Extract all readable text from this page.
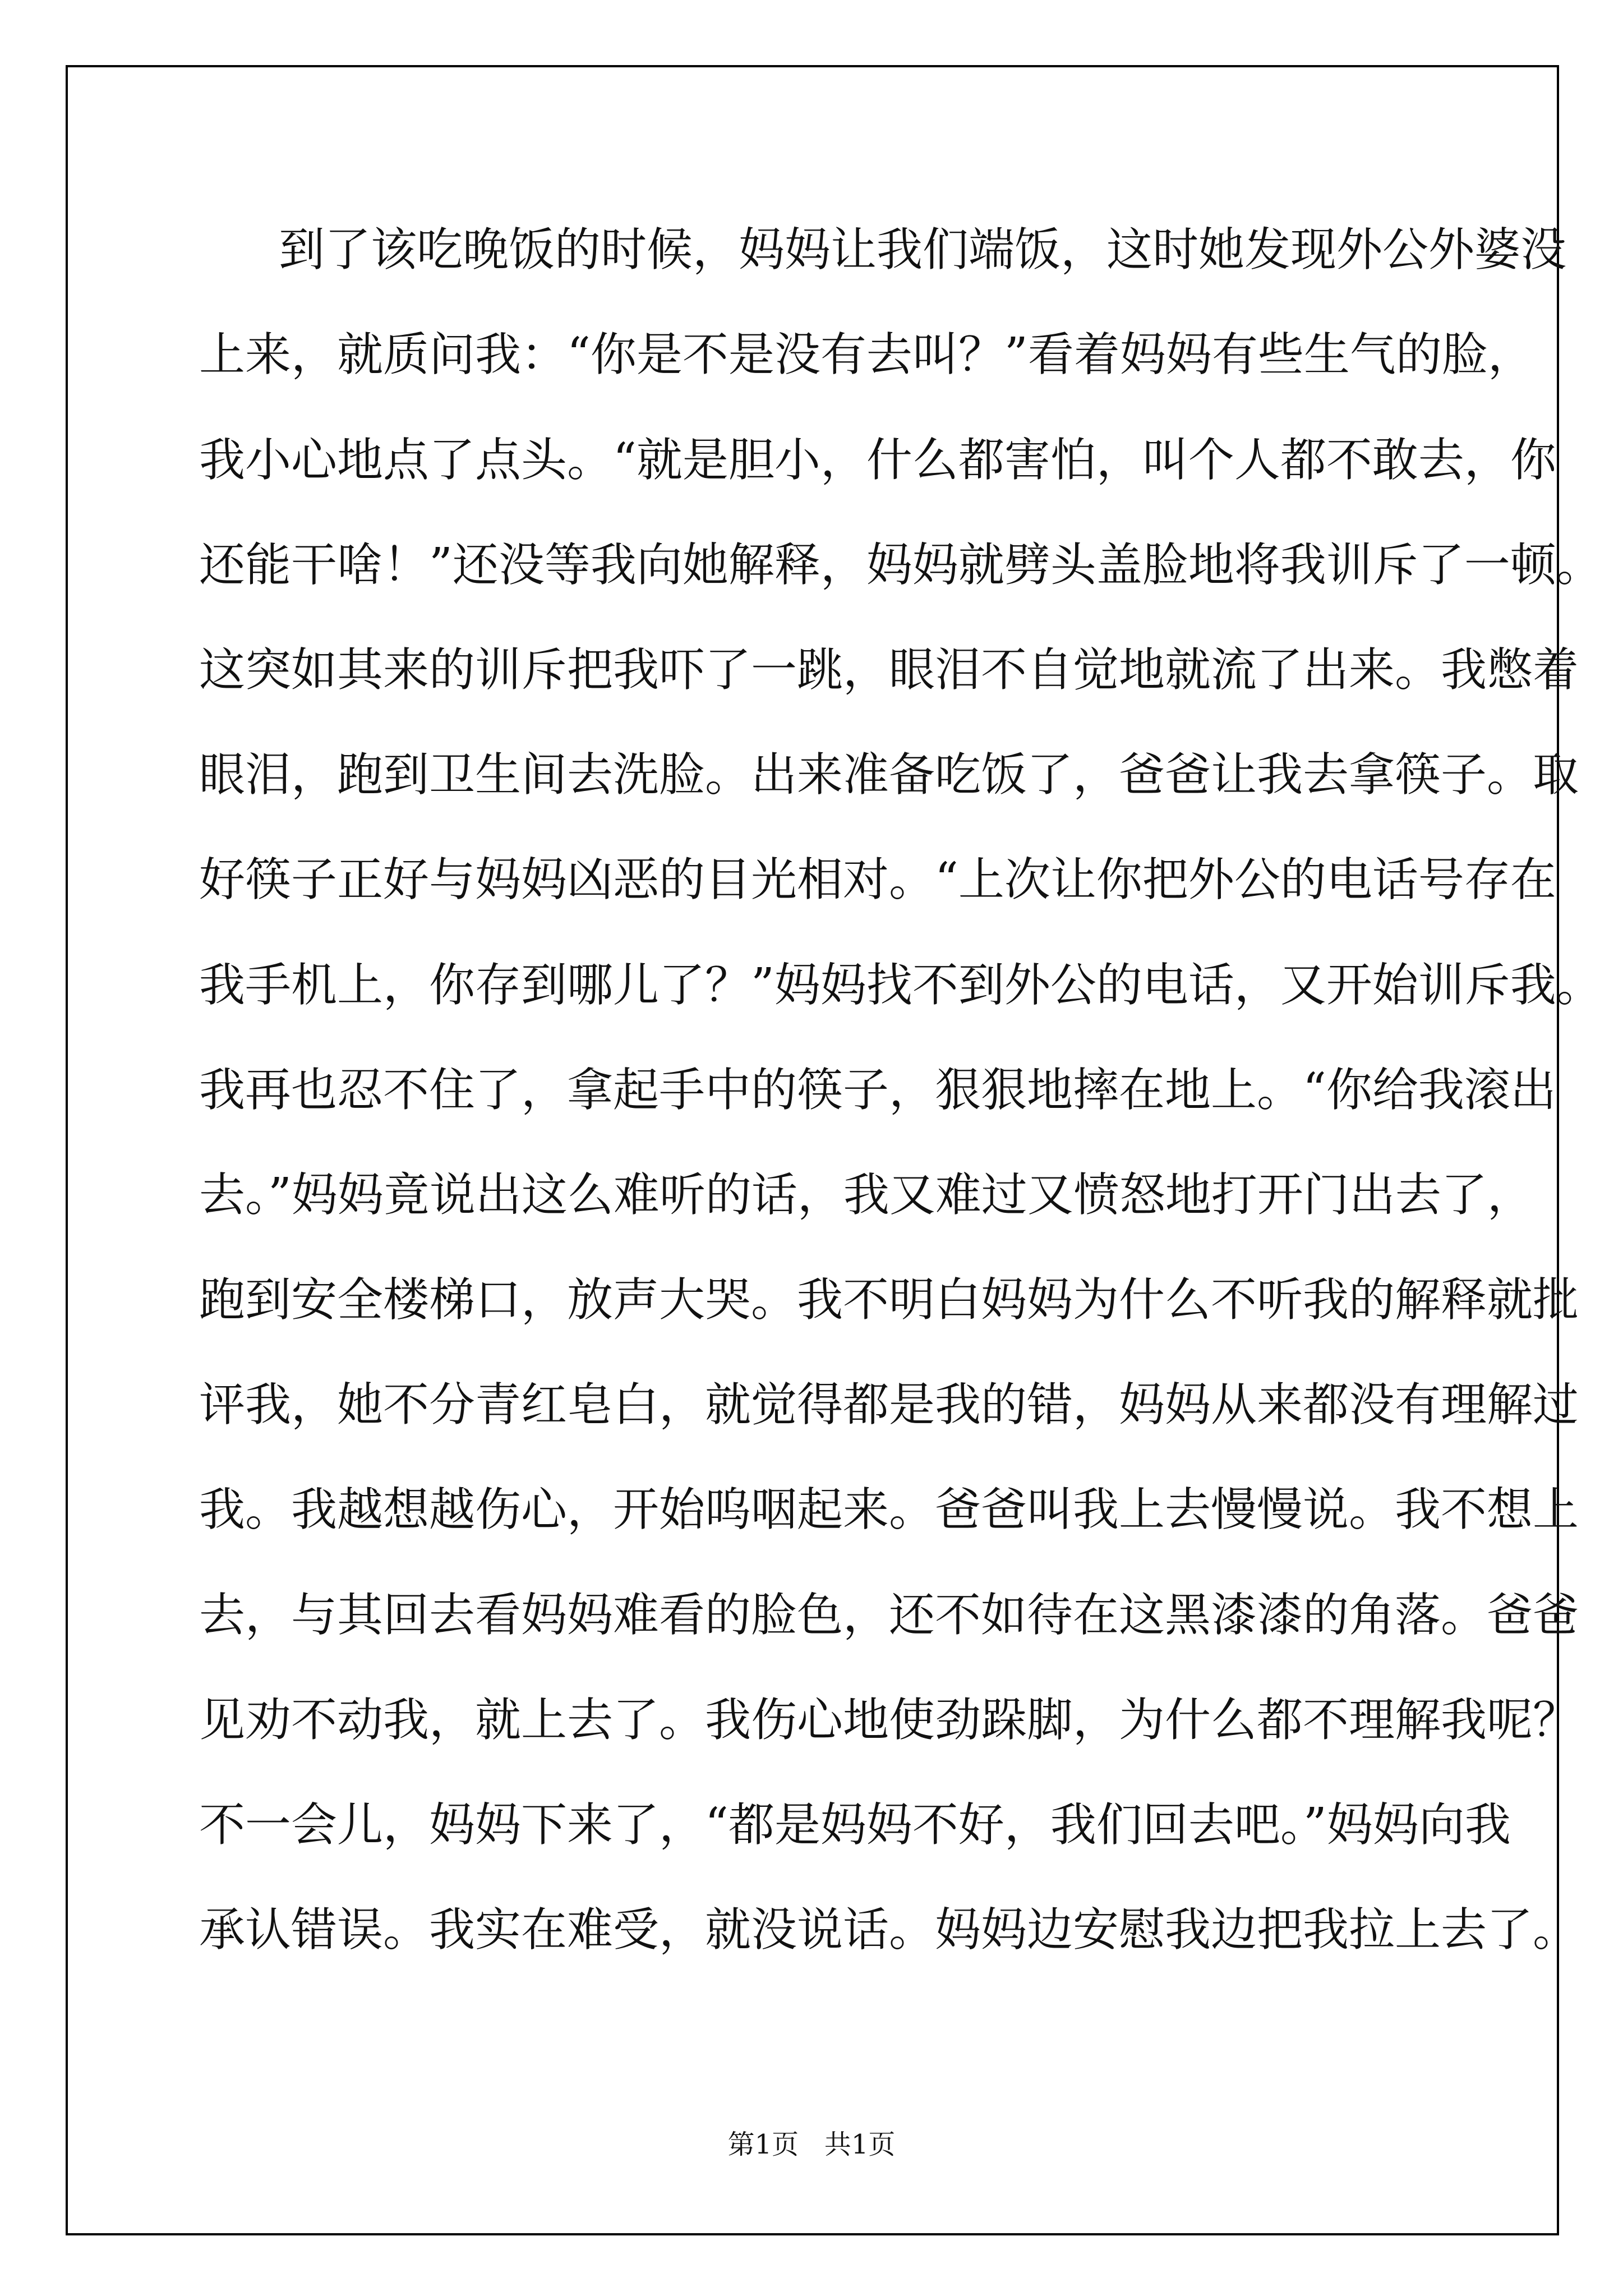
到了该吃晚饭的时候，妈妈让我们端饭，这时她发现外公外婆没
上来，就质问我：“你是不是没有去叫？”看着妈妈有些生气的脸，
我小心地点了点头。“就是胆小，什么都害怕，叫个人都不敢去，你
还能干啥！”还没等我向她解释，妈妈就劈头盖脸地将我训斥了一顿。
这突如其来的训斥把我吓了一跳，眼泪不自觉地就流了出来。我憋着
眼泪，跑到卫生间去洗脸。出来准备吃饭了，爸爸让我去拿筷子。取
好筷子正好与妈妈凶恶的目光相对。“上次让你把外公的电话号存在
我手机上，你存到哪儿了？”妈妈找不到外公的电话，又开始训斥我。
我再也忍不住了，拿起手中的筷子，狠狠地摔在地上。“你给我滚出
去。”妈妈竟说出这么难听的话，我又难过又愤怒地打开门出去了，
跑到安全楼梯口，放声大哭。我不明白妈妈为什么不听我的解释就批
评我，她不分青红皂白，就觉得都是我的错，妈妈从来都没有理解过
我。我越想越伤心，开始呜咽起来。爸爸叫我上去慢慢说。我不想上
去，与其回去看妈妈难看的脸色，还不如待在这黑漆漆的角落。爸爸
见劝不动我，就上去了。我伤心地使劲跺脚，为什么都不理解我呢？
不一会儿，妈妈下来了，“都是妈妈不好，我们回去吧。”妈妈向我
承认错误。我实在难受，就没说话。妈妈边安慰我边把我拉上去了。
第1页   共1页
